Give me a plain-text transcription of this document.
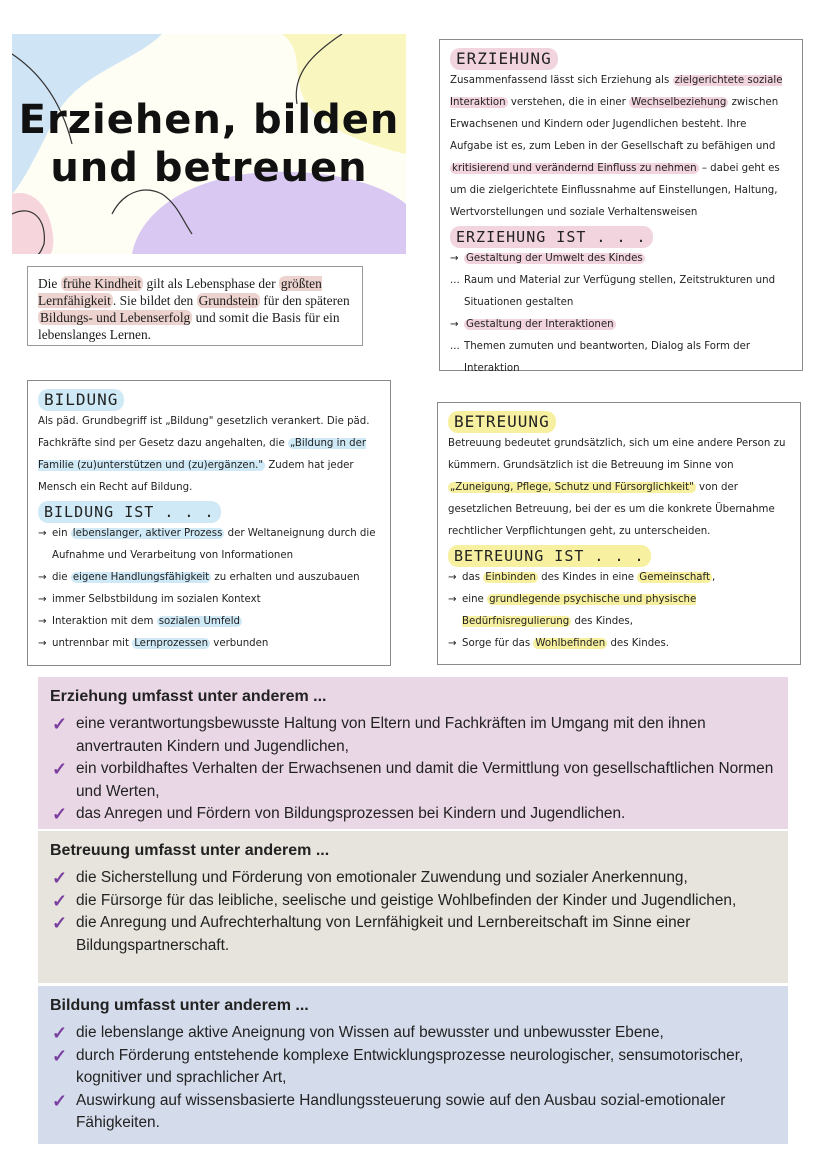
Erziehen, bilden
und betreuen
Die frühe Kindheit gilt als Lebensphase der größten Lernfähigkeit . Sie bildet den Grundstein für den späteren Bildungs- und Lebenserfolg und somit die Basis für ein lebenslanges Lernen.
ERZIEHUNG
Zusammenfassend lässt sich Erziehung als zielgerichtete soziale Interaktion verstehen, die in einer Wechselbeziehung zwischen Erwachsenen und Kindern oder Jugendlichen besteht. Ihre Aufgabe ist es, zum Leben in der Gesellschaft zu befähigen und kritisierend und verändernd Einfluss zu nehmen – dabei geht es um die zielgerichtete Einflussnahme auf Einstellungen, Haltung, Wertvorstellungen und soziale Verhaltensweisen
ERZIEHUNG IST . . .
→ Gestaltung der Umwelt des Kindes
... Raum und Material zur Verfügung stellen, Zeitstrukturen und Situationen gestalten
→ Gestaltung der Interaktionen
... Themen zumuten und beantworten, Dialog als Form der Interaktion
BILDUNG
Als päd. Grundbegriff ist „Bildung" gesetzlich verankert. Die päd. Fachkräfte sind per Gesetz dazu angehalten, die „Bildung in der Familie (zu)unterstützen und (zu)ergänzen." Zudem hat jeder Mensch ein Recht auf Bildung.
BILDUNG IST . . .
→ ein lebenslanger, aktiver Prozess der Weltaneignung durch die Aufnahme und Verarbeitung von Informationen
→ die eigene Handlungsfähigkeit zu erhalten und auszubauen
→ immer Selbstbildung im sozialen Kontext
→ Interaktion mit dem sozialen Umfeld
→ untrennbar mit Lernprozessen verbunden
BETREUUNG
Betreuung bedeutet grundsätzlich, sich um eine andere Person zu kümmern. Grundsätzlich ist die Betreuung im Sinne von „Zuneigung, Pflege, Schutz und Fürsorglichkeit" von der gesetzlichen Betreuung, bei der es um die konkrete Übernahme rechtlicher Verpflichtungen geht, zu unterscheiden.
BETREUUNG IST . . .
→ das Einbinden des Kindes in eine Gemeinschaft ,
→ eine grundlegende psychische und physische Bedürfnisregulierung des Kindes,
→ Sorge für das Wohlbefinden des Kindes.
Erziehung umfasst unter anderem ...
✓ eine verantwortungsbewusste Haltung von Eltern und Fachkräften im Umgang mit den ihnen anvertrauten Kindern und Jugendlichen,
✓ ein vorbildhaftes Verhalten der Erwachsenen und damit die Vermittlung von gesellschaftlichen Normen und Werten,
✓ das Anregen und Fördern von Bildungsprozessen bei Kindern und Jugendlichen.
Betreuung umfasst unter anderem ...
✓ die Sicherstellung und Förderung von emotionaler Zuwendung und sozialer Anerkennung,
✓ die Fürsorge für das leibliche, seelische und geistige Wohlbefinden der Kinder und Jugendlichen,
✓ die Anregung und Aufrechterhaltung von Lernfähigkeit und Lernbereitschaft im Sinne einer Bildungspartnerschaft.
Bildung umfasst unter anderem ...
✓ die lebenslange aktive Aneignung von Wissen auf bewusster und unbewusster Ebene,
✓ durch Förderung entstehende komplexe Entwicklungsprozesse neurologischer, sensumotorischer, kognitiver und sprachlicher Art,
✓ Auswirkung auf wissensbasierte Handlungssteuerung sowie auf den Ausbau sozial-emotionaler Fähigkeiten.
